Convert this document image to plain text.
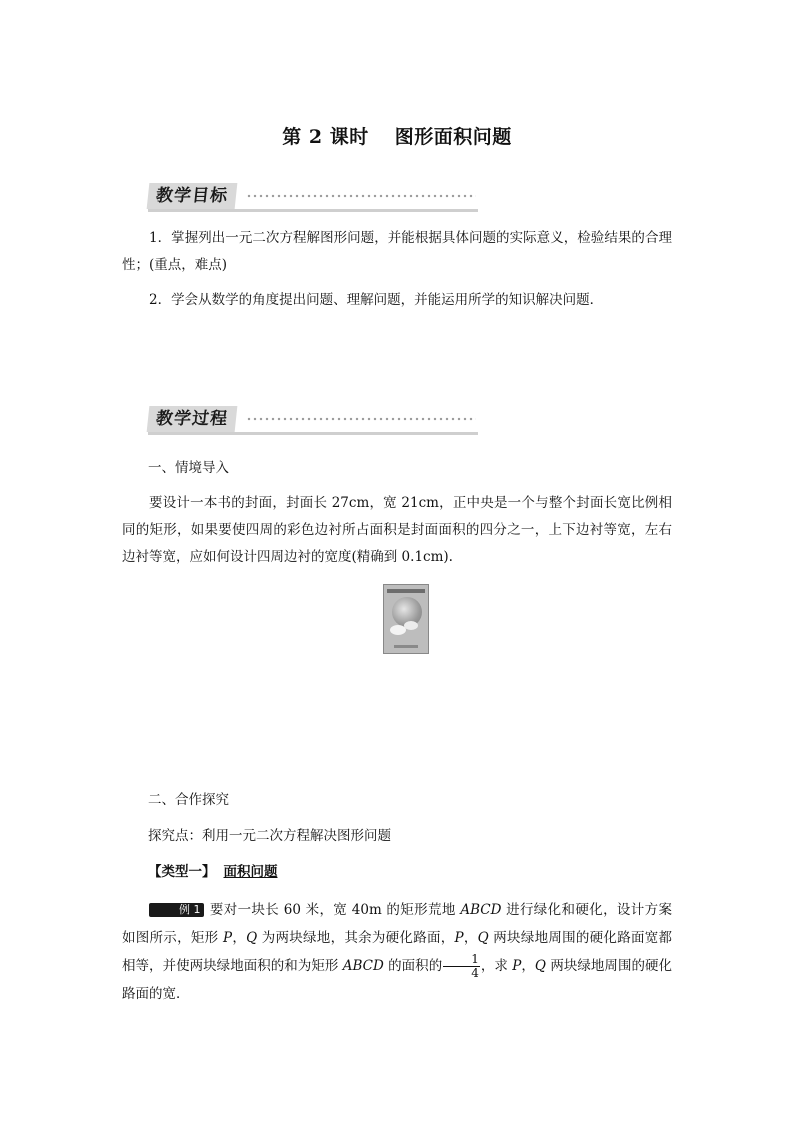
第 2 课时 图形面积问题
教学目标
1．掌握列出一元二次方程解图形问题，并能根据具体问题的实际意义，检验结果的合理性；(重点，难点)
2．学会从数学的角度提出问题、理解问题，并能运用所学的知识解决问题．
教学过程
一、情境导入
要设计一本书的封面，封面长 27cm，宽 21cm，正中央是一个与整个封面长宽比例相同的矩形，如果要使四周的彩色边衬所占面积是封面面积的四分之一，上下边衬等宽，左右边衬等宽，应如何设计四周边衬的宽度(精确到 0.1cm).
二、合作探究
探究点：利用一元二次方程解决图形问题
【类型一】 面积问题
例 1 要对一块长 60 米，宽 40m 的矩形荒地 ABCD 进行绿化和硬化，设计方案如图所示，矩形 P，Q 为两块绿地，其余为硬化路面，P，Q 两块绿地周围的硬化路面宽都相等，并使两块绿地面积的和为矩形 ABCD 的面积的 $\frac{1}{4}$ ，求 P，Q 两块绿地周围的硬化路面的宽．
